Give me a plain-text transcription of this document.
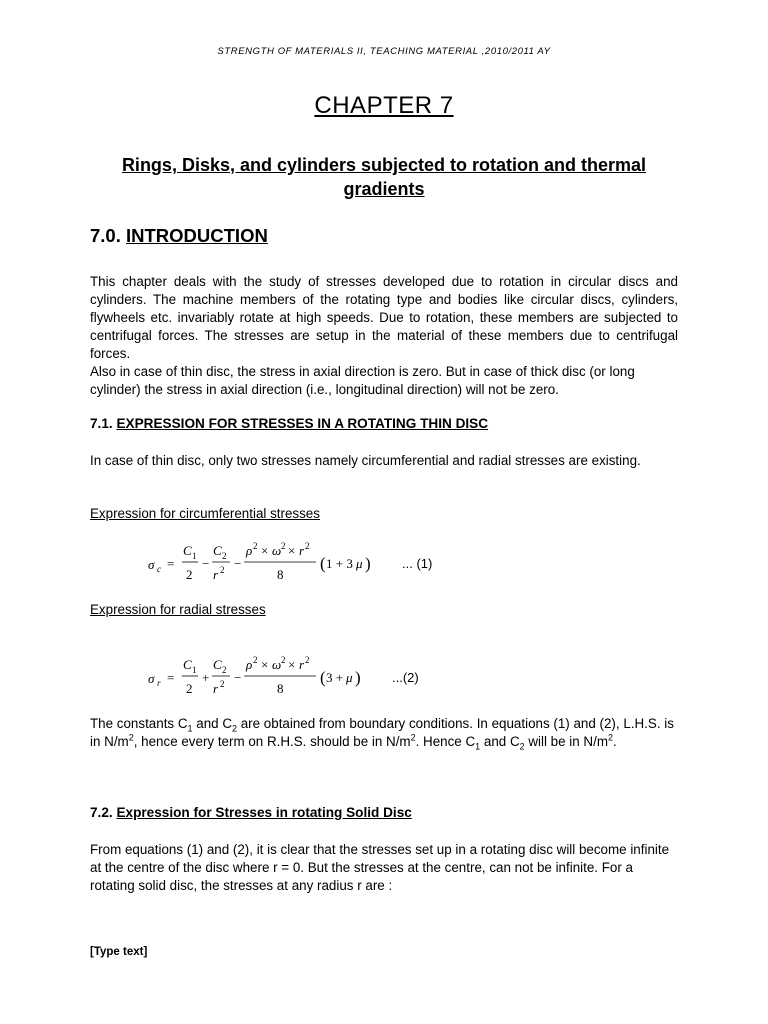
STRENGTH OF MATERIALS II, TEACHING MATERIAL ,2010/2011 AY
CHAPTER 7
Rings, Disks, and cylinders subjected to rotation and thermal gradients
7.0. INTRODUCTION

This chapter deals with the study of stresses developed due to rotation in circular discs and cylinders. The machine members of the rotating type and bodies like circular discs, cylinders, flywheels etc. invariably rotate at high speeds. Due to rotation, these members are subjected to centrifugal forces. The stresses are setup in the material of these members due to centrifugal forces.

Also in case of thin disc, the stress in axial direction is zero. But in case of thick disc (or long cylinder) the stress in axial direction (i.e., longitudinal direction) will not be zero.

7.1. EXPRESSION FOR STRESSES IN A ROTATING THIN DISC
In case of thin disc, only two stresses namely circumferential and radial stresses are existing.
Expression for circumferential stresses
σ c =
C 1
2
−
C 2
r 2 −
ρ 2 × ω 2 × r 2
8
( 1 + 3 μ ) ... (1)
Expression for radial stresses
σ r =
C 1
2
+
C 2
r 2 −
ρ 2 × ω 2 × r 2
8
( 3 + μ ) ...(2)
The constants $C_1$ and $C_2$ are obtained from boundary conditions. In equations (1) and (2), L.H.S. is in $N/m^2$, hence every term on R.H.S. should be in $N/m^2$. Hence $C_1$ and $C_2$ will be in $N/m^2$.
7.2. Expression for Stresses in rotating Solid Disc
From equations (1) and (2), it is clear that the stresses set up in a rotating disc will become infinite at the centre of the disc where r = 0. But the stresses at the centre, can not be infinite. For a rotating solid disc, the stresses at any radius r are :
[Type text]
